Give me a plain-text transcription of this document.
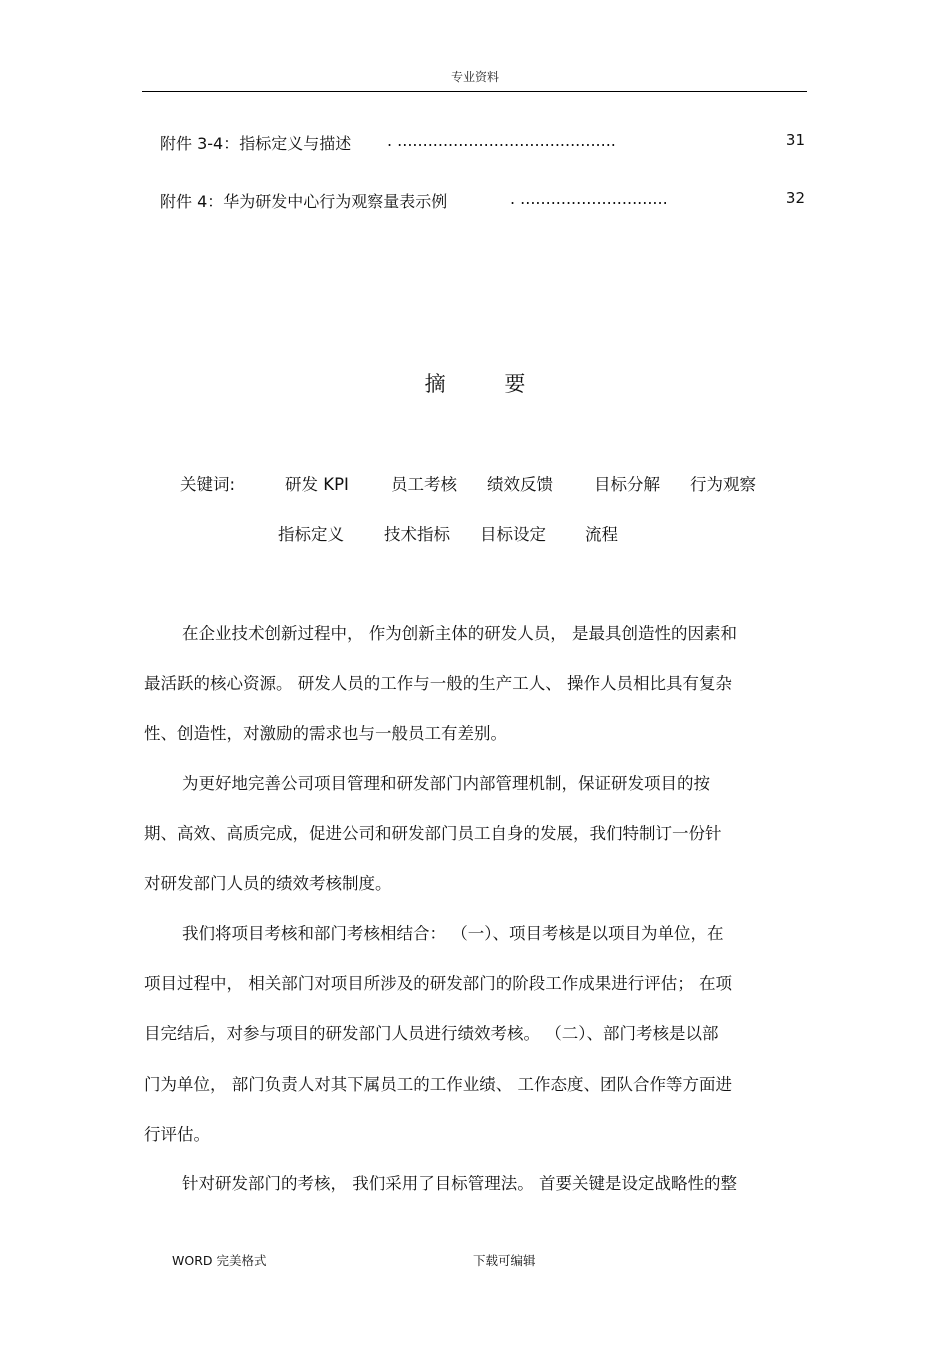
专业资料
附件 3-4：指标定义与描述 . ...........................................	31
附件 4：华为研发中心行为观察量表示例	. .............................	32
摘 要
关键词:	研发 KPI	员工考核 绩效反馈 目标分解 行为观察
指标定义 技术指标 目标设定 流程
在企业技术创新过程中， 作为创新主体的研发人员， 是最具创造性的因素和
最活跃的核心资源。 研发人员的工作与一般的生产工人、 操作人员相比具有复杂
性、创造性，对激励的需求也与一般员工有差别。
为更好地完善公司项目管理和研发部门内部管理机制，保证研发项目的按
期、高效、高质完成，促进公司和研发部门员工自身的发展，我们特制订一份针
对研发部门人员的绩效考核制度。
我们将项目考核和部门考核相结合： （一）、项目考核是以项目为单位，在
项目过程中， 相关部门对项目所涉及的研发部门的阶段工作成果进行评估； 在项
目完结后，对参与项目的研发部门人员进行绩效考核。 （二）、部门考核是以部
门为单位， 部门负责人对其下属员工的工作业绩、 工作态度、团队合作等方面进
行评估。
针对研发部门的考核， 我们采用了目标管理法。 首要关键是设定战略性的整
WORD 完美格式	下载可编辑
